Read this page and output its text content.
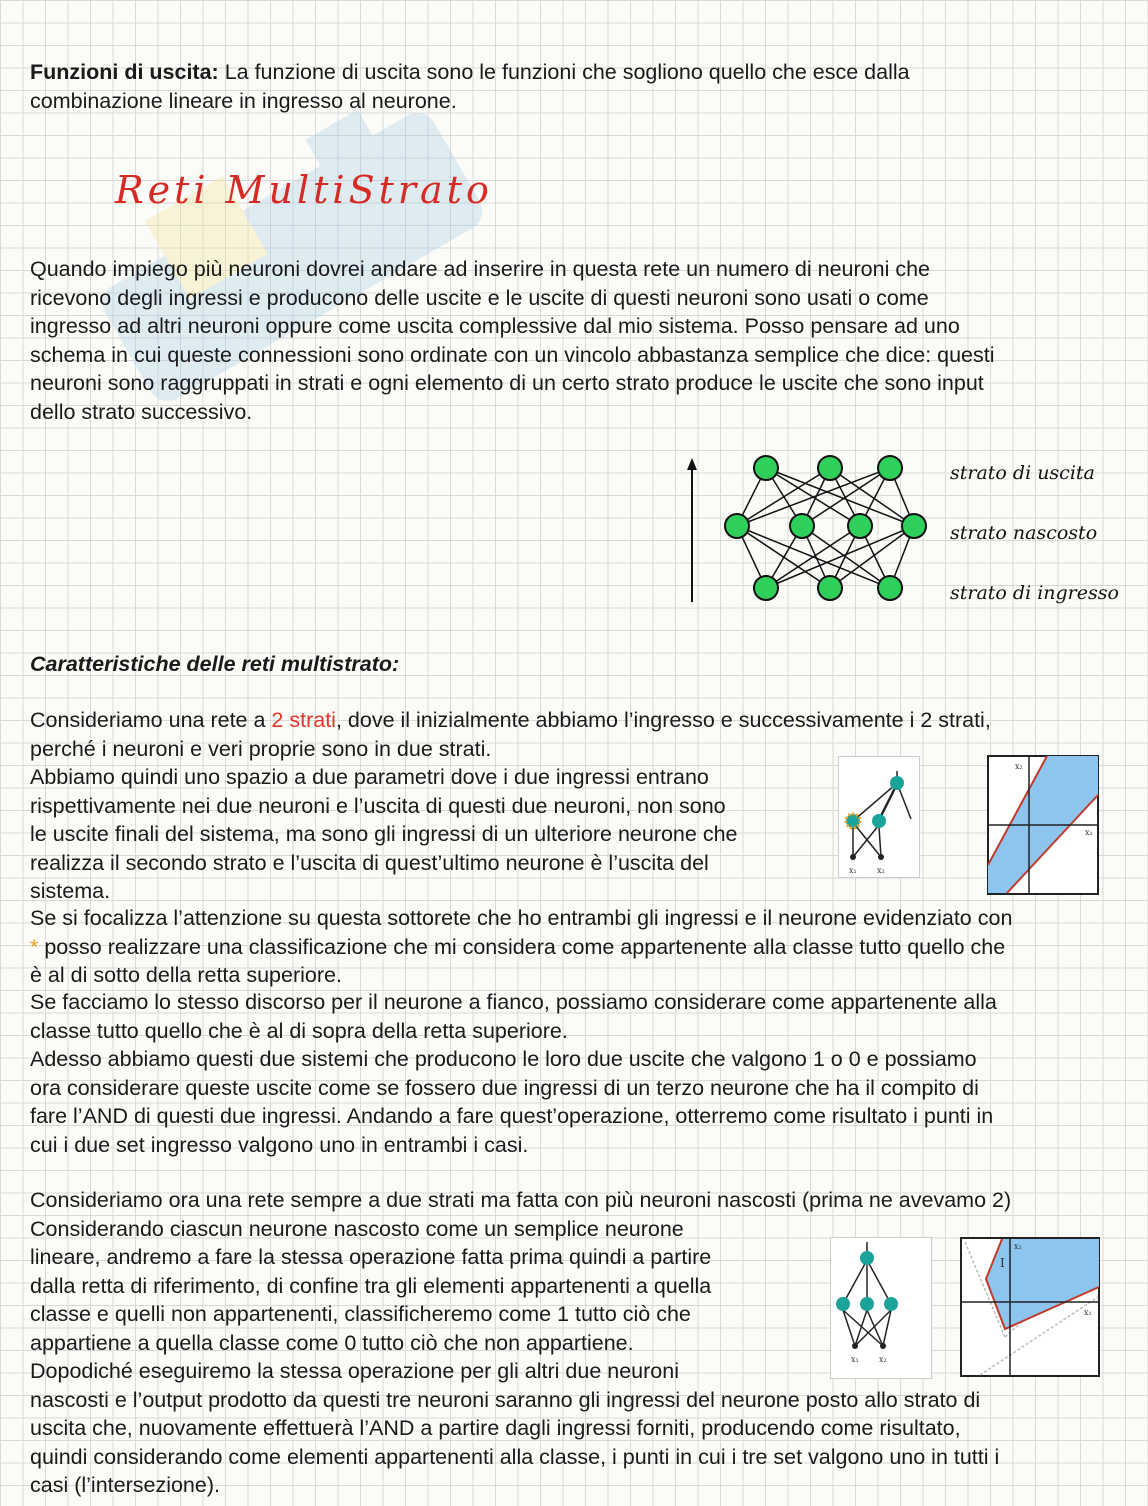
Funzioni di uscita: La funzione di uscita sono le funzioni che sogliono quello che esce dalla
combinazione lineare in ingresso al neurone.

Reti MultiStrato

Quando impiego più neuroni dovrei andare ad inserire in questa rete un numero di neuroni che
ricevono degli ingressi e producono delle uscite e le uscite di questi neuroni sono usati o come
ingresso ad altri neuroni oppure come uscita complessive dal mio sistema. Posso pensare ad uno
schema in cui queste connessioni sono ordinate con un vincolo abbastanza semplice che dice: questi
neuroni sono raggruppati in strati e ogni elemento di un certo strato produce le uscite che sono input
dello strato successivo.

strato di uscita
strato nascosto
strato di ingresso

Caratteristiche delle reti multistrato:

Consideriamo una rete a 2 strati, dove il inizialmente abbiamo l’ingresso e successivamente i 2 strati,
perché i neuroni e veri proprie sono in due strati.

Abbiamo quindi uno spazio a due parametri dove i due ingressi entrano
rispettivamente nei due neuroni e l’uscita di questi due neuroni, non sono
le uscite finali del sistema, ma sono gli ingressi di un ulteriore neurone che
realizza il secondo strato e l’uscita di quest’ultimo neurone è l’uscita del
sistema.

x₁	x₂
x₂
x₁

Se si focalizza l’attenzione su questa sottorete che ho entrambi gli ingressi e il neurone evidenziato con
* posso realizzare una classificazione che mi considera come appartenente alla classe tutto quello che
è al di sotto della retta superiore.

Se facciamo lo stesso discorso per il neurone a fianco, possiamo considerare come appartenente alla
classe tutto quello che è al di sopra della retta superiore.
Adesso abbiamo questi due sistemi che producono le loro due uscite che valgono 1 o 0 e possiamo
ora considerare queste uscite come se fossero due ingressi di un terzo neurone che ha il compito di
fare l’AND di questi due ingressi. Andando a fare quest’operazione, otterremo come risultato i punti in
cui i due set ingresso valgono uno in entrambi i casi.

Consideriamo ora una rete sempre a due strati ma fatta con più neuroni nascosti (prima ne avevamo 2)
Considerando ciascun neurone nascosto come un semplice neurone
lineare, andremo a fare la stessa operazione fatta prima quindi a partire
dalla retta di riferimento, di confine tra gli elementi appartenenti a quella
classe e quelli non appartenenti, classificheremo come 1 tutto ciò che
appartiene a quella classe come 0 tutto ciò che non appartiene.
Dopodiché eseguiremo la stessa operazione per gli altri due neuroni
nascosti e l’output prodotto da questi tre neuroni saranno gli ingressi del neurone posto allo strato di
uscita che, nuovamente effettuerà l’AND a partire dagli ingressi forniti, producendo come risultato,
quindi considerando come elementi appartenenti alla classe, i punti in cui i tre set valgono uno in tutti i
casi (l’intersezione).

x₁	x₂
I
x₂
x₁
